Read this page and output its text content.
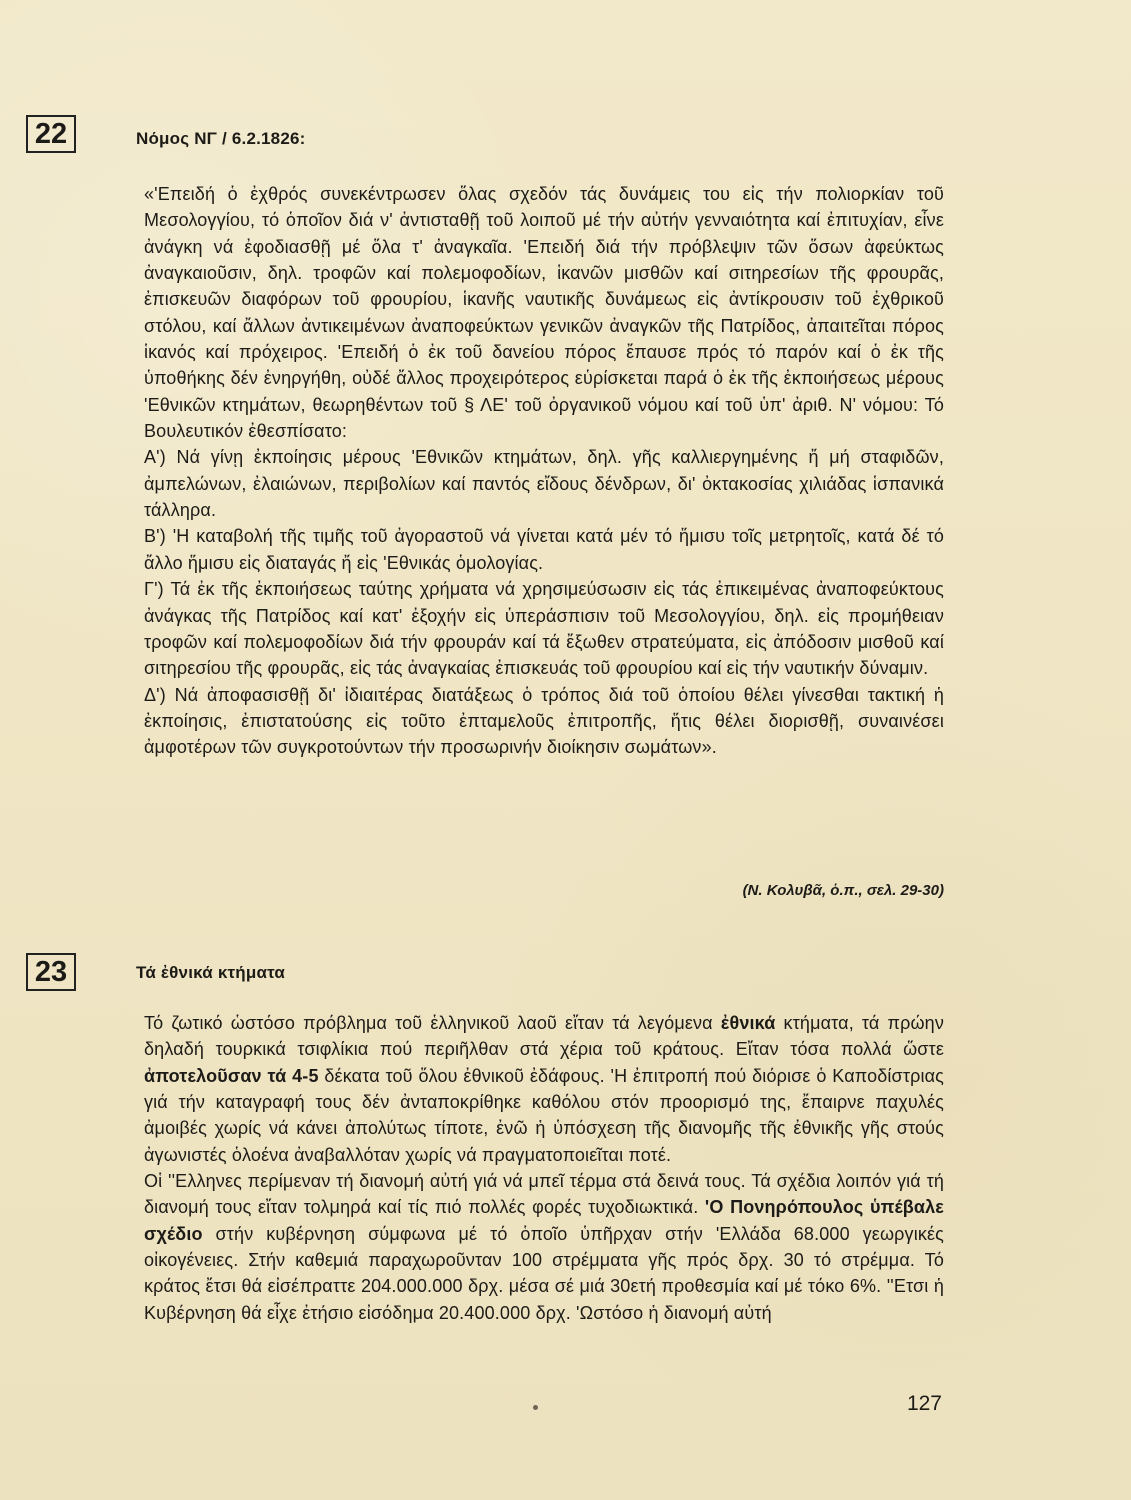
22	Νόμος ΝΓ / 6.2.1826:

«'Επειδή ὁ ἐχθρός συνεκέντρωσεν ὅλας σχεδόν τάς δυνάμεις του εἰς τήν πολιορκίαν τοῦ Μεσολογγίου, τό ὁποῖον διά ν' ἀντισταθῇ τοῦ λοιποῦ μέ τήν αὐτήν γενναιότητα καί ἐπιτυχίαν, εἶνε ἀνάγκη νά ἐφοδιασθῇ μέ ὅλα τ' ἀναγκαῖα. 'Επειδή διά τήν πρόβλεψιν τῶν ὅσων ἀφεύκτως ἀναγκαιοῦσιν, δηλ. τροφῶν καί πολεμοφοδίων, ἱκανῶν μισθῶν καί σιτηρεσίων τῆς φρουρᾶς, ἐπισκευῶν διαφόρων τοῦ φρουρίου, ἱκανῆς ναυτικῆς δυνάμεως εἰς ἀντίκρουσιν τοῦ ἐχθρικοῦ στόλου, καί ἄλλων ἀντικειμένων ἀναποφεύκτων γενικῶν ἀναγκῶν τῆς Πατρίδος, ἀπαιτεῖται πόρος ἱκανός καί πρόχειρος. 'Επειδή ὁ ἐκ τοῦ δανείου πόρος ἔπαυσε πρός τό παρόν καί ὁ ἐκ τῆς ὑποθήκης δέν ἐνηργήθη, οὐδέ ἄλλος προχειρότερος εὑρίσκεται παρά ὁ ἐκ τῆς ἐκποιήσεως μέρους 'Εθνικῶν κτημάτων, θεωρηθέντων τοῦ § ΛΕ' τοῦ ὀργανικοῦ νόμου καί τοῦ ὑπ' ἀριθ. Ν' νόμου: Τό Βουλευτικόν ἐθεσπίσατο:

Α') Νά γίνῃ ἐκποίησις μέρους 'Εθνικῶν κτημάτων, δηλ. γῆς καλλιεργημένης ἤ μή σταφιδῶν, ἀμπελώνων, ἐλαιώνων, περιβολίων καί παντός εἴδους δένδρων, δι' ὀκτακοσίας χιλιάδας ἱσπανικά τάλληρα.

Β') 'Η καταβολή τῆς τιμῆς τοῦ ἀγοραστοῦ νά γίνεται κατά μέν τό ἥμισυ τοῖς μετρητοῖς, κατά δέ τό ἄλλο ἥμισυ εἰς διαταγάς ἤ εἰς 'Εθνικάς ὁμολογίας.

Γ') Τά ἐκ τῆς ἐκποιήσεως ταύτης χρήματα νά χρησιμεύσωσιν εἰς τάς ἐπικειμένας ἀναποφεύκτους ἀνάγκας τῆς Πατρίδος καί κατ' ἐξοχήν εἰς ὑπεράσπισιν τοῦ Μεσολογγίου, δηλ. εἰς προμήθειαν τροφῶν καί πολεμοφοδίων διά τήν φρουράν καί τά ἔξωθεν στρατεύματα, εἰς ἀπόδοσιν μισθοῦ καί σιτηρεσίου τῆς φρουρᾶς, εἰς τάς ἀναγκαίας ἐπισκευάς τοῦ φρουρίου καί εἰς τήν ναυτικήν δύναμιν.

Δ') Νά ἀποφασισθῇ δι' ἰδιαιτέρας διατάξεως ὁ τρόπος διά τοῦ ὁποίου θέλει γίνεσθαι τακτική ἡ ἐκποίησις, ἐπιστατούσης εἰς τοῦτο ἐπταμελοῦς ἐπιτροπῆς, ἥτις θέλει διορισθῇ, συναινέσει ἀμφοτέρων τῶν συγκροτούντων τήν προσωρινήν διοίκησιν σωμάτων».

(Ν. Κολυβᾶ, ὁ.π., σελ. 29-30)
23	Τά ἐθνικά κτήματα

Τό ζωτικό ὡστόσο πρόβλημα τοῦ ἑλληνικοῦ λαοῦ εἴταν τά λεγόμενα ἐθνικά κτήματα, τά πρώην δηλαδή τουρκικά τσιφλίκια πού περιῆλθαν στά χέρια τοῦ κράτους. Εἴταν τόσα πολλά ὥστε ἀποτελοῦσαν τά 4-5 δέκατα τοῦ ὅλου ἐθνικοῦ ἐδάφους. 'Η ἐπιτροπή πού διόρισε ὁ Καποδίστριας γιά τήν καταγραφή τους δέν ἀνταποκρίθηκε καθόλου στόν προορισμό της, ἔπαιρνε παχυλές ἀμοιβές χωρίς νά κάνει ἀπολύτως τίποτε, ἐνῶ ἡ ὑπόσχεση τῆς διανομῆς τῆς ἐθνικῆς γῆς στούς ἀγωνιστές ὁλοένα ἀναβαλλόταν χωρίς νά πραγματοποιεῖται ποτέ.

Οἱ ''Ελληνες περίμεναν τή διανομή αὐτή γιά νά μπεῖ τέρμα στά δεινά τους. Τά σχέδια λοιπόν γιά τή διανομή τους εἴταν τολμηρά καί τίς πιό πολλές φορές τυχοδιωκτικά. 'Ο Πονηρόπουλος ὑπέβαλε σχέδιο στήν κυβέρνηση σύμφωνα μέ τό ὁποῖο ὑπῆρχαν στήν 'Ελλάδα 68.000 γεωργικές οἰκογένειες. Στήν καθεμιά παραχωροῦνταν 100 στρέμματα γῆς πρός δρχ. 30 τό στρέμμα. Τό κράτος ἔτσι θά εἰσέπραττε 204.000.000 δρχ. μέσα σέ μιά 30ετή προθεσμία καί μέ τόκο 6%. ''Ετσι ἡ Κυβέρνηση θά εἶχε ἐτήσιο εἰσόδημα 20.400.000 δρχ. 'Ωστόσο ἡ διανομή αὐτή

127
